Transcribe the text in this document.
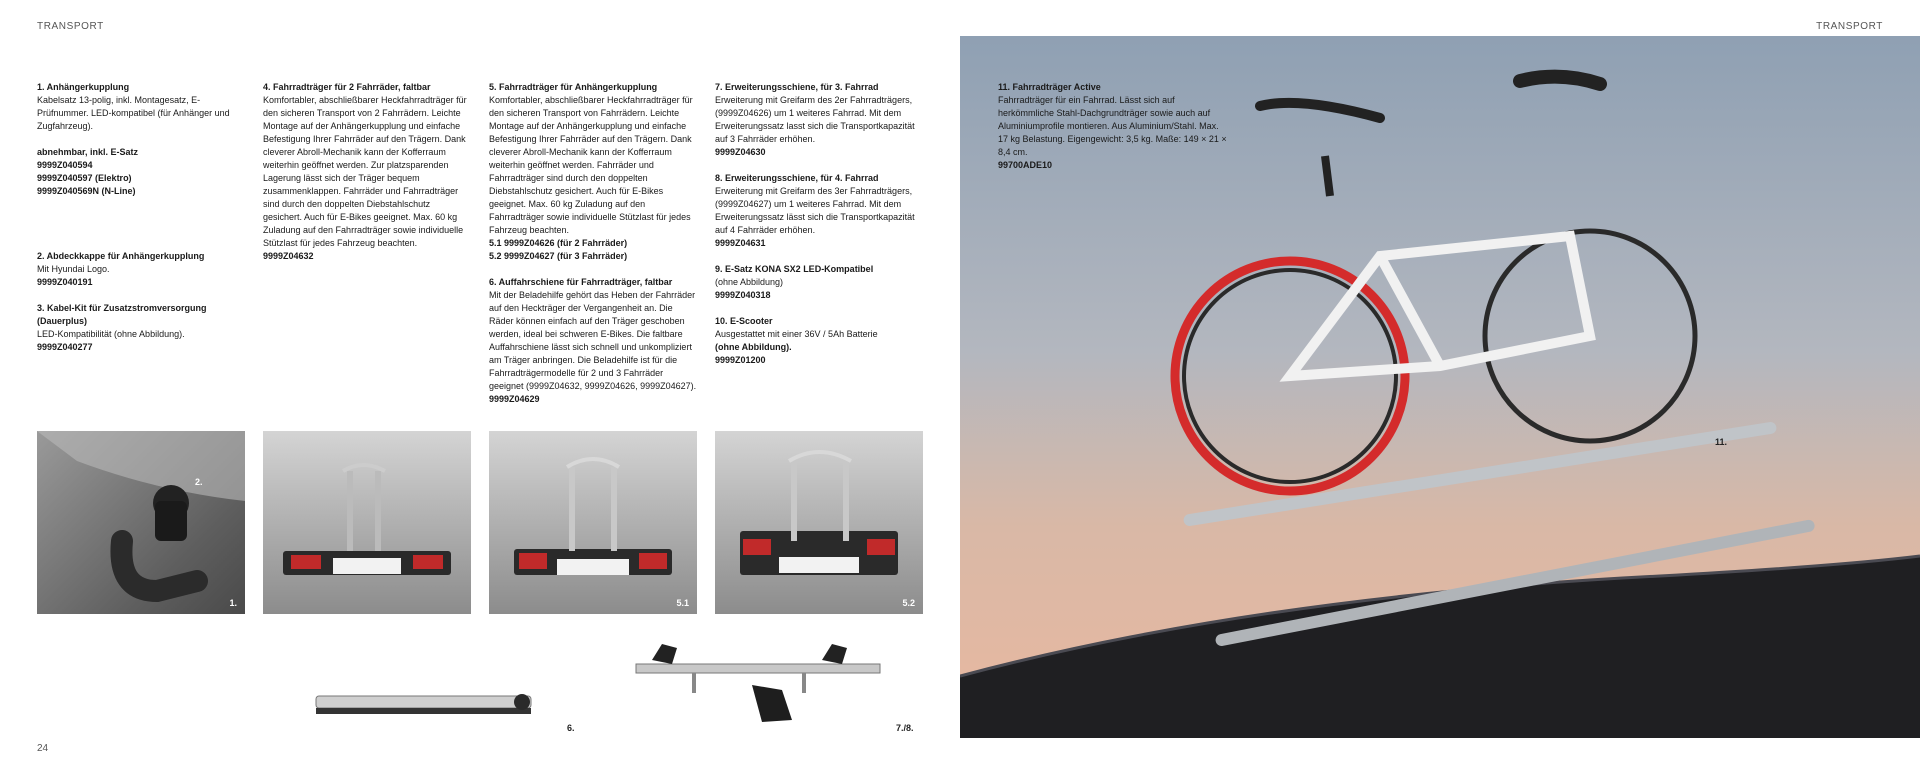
TRANSPORT	TRANSPORT
1. Anhängerkupplung

Kabelsatz 13-polig, inkl. Montagesatz, E-Prüfnummer. LED-kompatibel (für Anhänger und Zugfahrzeug).

abnehmbar, inkl. E-Satz
9999Z040594
9999Z040597 (Elektro)
9999Z040569N (N-Line)
2. Abdeckkappe für Anhängerkupplung

Mit Hyundai Logo.

9999Z040191
3. Kabel-Kit für Zusatzstromversorgung (Dauerplus)

LED-Kompatibilität (ohne Abbildung).

9999Z040277
4. Fahrradträger für 2 Fahrräder, faltbar

Komfortabler, abschließbarer Heckfahrradträger für den sicheren Transport von 2 Fahrrädern. Leichte Montage auf der Anhängerkupplung und einfache Befestigung Ihrer Fahrräder auf den Trägern. Dank cleverer Abroll-Mechanik kann der Kofferraum weiterhin geöffnet werden. Zur platzsparenden Lagerung lässt sich der Träger bequem zusammenklappen. Fahrräder und Fahrradträger sind durch den doppelten Diebstahlschutz gesichert. Auch für E-Bikes geeignet. Max. 60 kg Zuladung auf den Fahrradträger sowie individuelle Stützlast für jedes Fahrzeug beachten.

9999Z04632
5. Fahrradträger für Anhängerkupplung

Komfortabler, abschließbarer Heckfahrradträger für den sicheren Transport von Fahrrädern. Leichte Montage auf der Anhängerkupplung und einfache Befestigung Ihrer Fahrräder auf den Trägern. Dank cleverer Abroll-Mechanik kann der Kofferraum weiterhin geöffnet werden. Fahrräder und Fahrradträger sind durch den doppelten Diebstahlschutz gesichert. Auch für E-Bikes geeignet. Max. 60 kg Zuladung auf den Fahrradträger sowie individuelle Stützlast für jedes Fahrzeug beachten.

5.1 9999Z04626 (für 2 Fahrräder)
5.2 9999Z04627 (für 3 Fahrräder)
6. Auffahrschiene für Fahrradträger, faltbar

Mit der Beladehilfe gehört das Heben der Fahrräder auf den Heckträger der Vergangenheit an. Die Räder können einfach auf den Träger geschoben werden, ideal bei schweren E-Bikes. Die faltbare Auffahrschiene lässt sich schnell und unkompliziert am Träger anbringen. Die Beladehilfe ist für die Fahrradträgermodelle für 2 und 3 Fahrräder geeignet (9999Z04632, 9999Z04626, 9999Z04627).

9999Z04629
7. Erweiterungsschiene, für 3. Fahrrad

Erweiterung mit Greifarm des 2er Fahrradträgers, (9999Z04626) um 1 weiteres Fahrrad. Mit dem Erweiterungssatz lasst sich die Transportkapazität auf 3 Fahrräder erhöhen.

9999Z04630
8. Erweiterungsschiene, für 4. Fahrrad

Erweiterung mit Greifarm des 3er Fahrradträgers, (9999Z04627) um 1 weiteres Fahrrad. Mit dem Erweiterungssatz lässt sich die Transportkapazität auf 4 Fahrräder erhöhen.

9999Z04631
9. E-Satz KONA SX2 LED-Kompatibel

(ohne Abbildung)

9999Z040318
10. E-Scooter

Ausgestattet mit einer 36V / 5Ah Batterie

(ohne Abbildung).
9999Z01200
2.
1.	5.1	5.2
6.	7./8.
24
11. Fahrradträger Active

Fahrradträger für ein Fahrrad. Lässt sich auf herkömmliche Stahl-Dachgrundträger sowie auch auf Aluminiumprofile montieren. Aus Aluminium/Stahl. Max. 17 kg Belastung. Eigengewicht: 3,5 kg. Maße: 149 × 21 × 8,4 cm.

99700ADE10
11.
